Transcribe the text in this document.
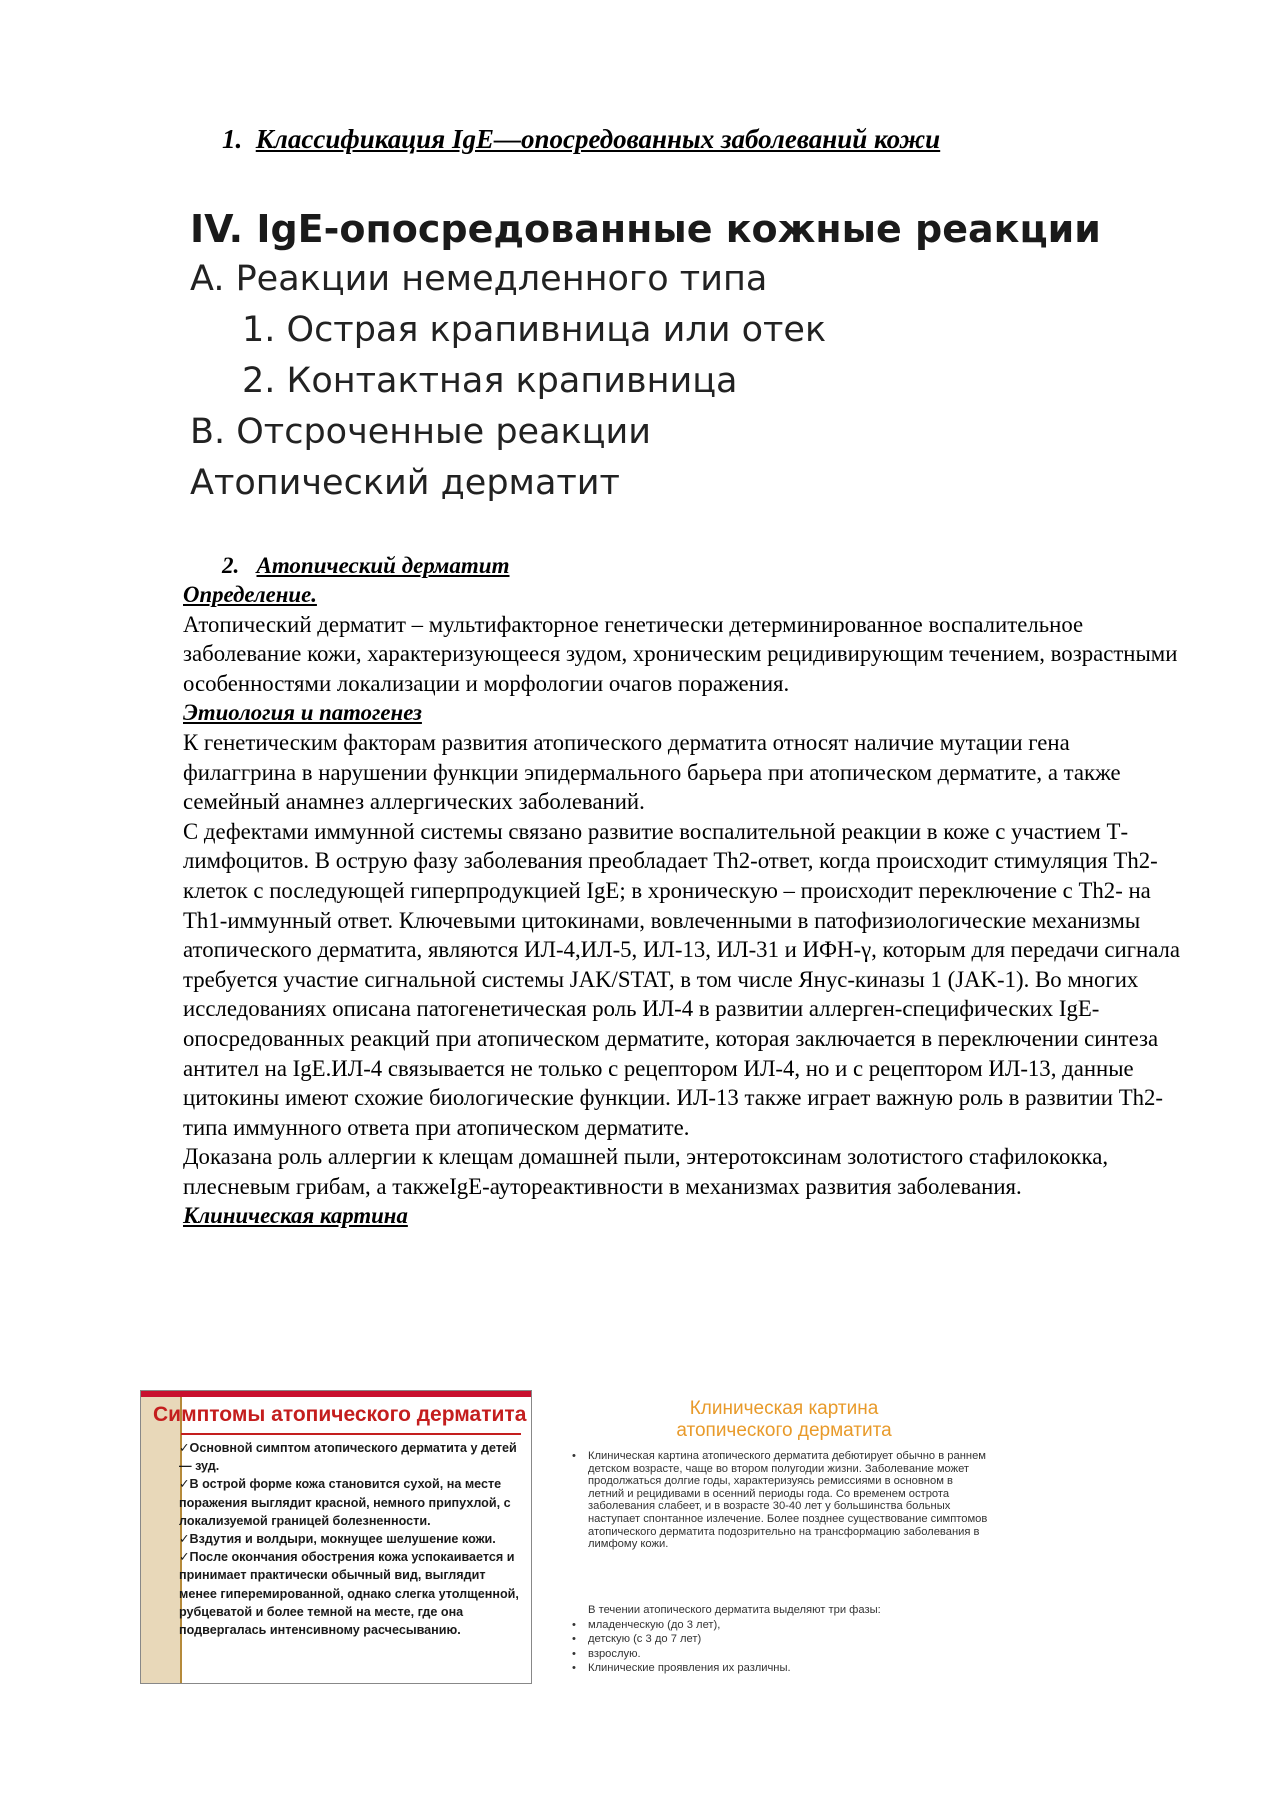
1. Классификация IgE—опосредованных заболеваний кожи
IV. IgE-опосредованные кожные реакции
A. Реакции немедленного типа
1. Острая крапивница или отек
2. Контактная крапивница
B. Отсроченные реакции
Атопический дерматит
2. Атопический дерматит

Определение.

Атопический дерматит – мультифакторное генетически детерминированное воспалительное заболевание кожи, характеризующееся зудом, хроническим рецидивирующим течением, возрастными особенностями локализации и морфологии очагов поражения.

Этиология и патогенез

К генетическим факторам развития атопического дерматита относят наличие мутации гена филаггрина в нарушении функции эпидермального барьера при атопическом дерматите, а также семейный анамнез аллергических заболеваний.

С дефектами иммунной системы связано развитие воспалительной реакции в коже с участием Т-лимфоцитов. В острую фазу заболевания преобладает Th2-ответ, когда происходит стимуляция Th2-клеток с последующей гиперпродукцией IgE; в хроническую – происходит переключение с Th2- на Th1-иммунный ответ. Ключевыми цитокинами, вовлеченными в патофизиологические механизмы атопического дерматита, являются ИЛ-4,ИЛ-5, ИЛ-13, ИЛ-31 и ИФН-γ, которым для передачи сигнала требуется участие сигнальной системы JAK/STAT, в том числе Янус-киназы 1 (JAK-1). Во многих исследованиях описана патогенетическая роль ИЛ-4 в развитии аллерген-специфических IgE-опосредованных реакций при атопическом дерматите, которая заключается в переключении синтеза антител на IgE.ИЛ-4 связывается не только с рецептором ИЛ-4, но и с рецептором ИЛ-13, данные цитокины имеют схожие биологические функции. ИЛ-13 также играет важную роль в развитии Th2-типа иммунного ответа при атопическом дерматите.

Доказана роль аллергии к клещам домашней пыли, энтеротоксинам золотистого стафилококка, плесневым грибам, а такжеIgE-аутореактивности в механизмах развития заболевания.

Клиническая картина

Симптомы атопического дерматита

✓Основной симптом атопического дерматита у детей — зуд.

✓В острой форме кожа становится сухой, на месте поражения выглядит красной, немного припухлой, с локализуемой границей болезненности.

✓Вздутия и волдыри, мокнущее шелушение кожи.

✓После окончания обострения кожа успокаивается и принимает практически обычный вид, выглядит менее гиперемированной, однако слегка утолщенной, рубцеватой и более темной на месте, где она подвергалась интенсивному расчесыванию.

Клиническая картина
атопического дерматита
• Клиническая картина атопического дерматита дебютирует обычно в раннем детском возрасте, чаще во втором полугодии жизни. Заболевание может продолжаться долгие годы, характеризуясь ремиссиями в основном в летний и рецидивами в осенний периоды года. Со временем острота заболевания слабеет, и в возрасте 30-40 лет у большинства больных наступает спонтанное излечение. Более позднее существование симптомов атопического дерматита подозрительно на трансформацию заболевания в лимфому кожи.
В течении атопического дерматита выделяют три фазы:
• младенческую (до 3 лет),
• детскую (с 3 до 7 лет)
• взрослую.
• Клинические проявления их различны.
